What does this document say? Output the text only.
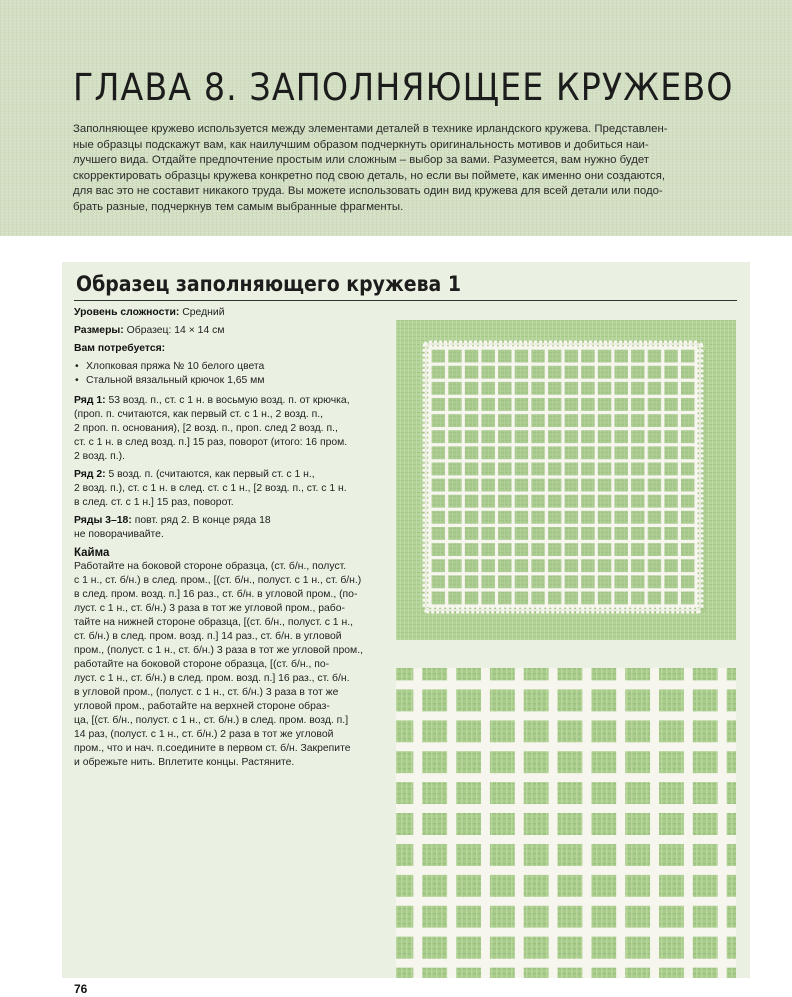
ГЛАВА 8. ЗАПОЛНЯЮЩЕЕ КРУЖЕВО
Заполняющее кружево используется между элементами деталей в технике ирландского кружева. Представлен-
ные образцы подскажут вам, как наилучшим образом подчеркнуть оригинальность мотивов и добиться наи-
лучшего вида. Отдайте предпочтение простым или сложным – выбор за вами. Разумеется, вам нужно будет
скорректировать образцы кружева конкретно под свою деталь, но если вы поймете, как именно они создаются,
для вас это не составит никакого труда. Вы можете использовать один вид кружева для всей детали или подо-
брать разные, подчеркнув тем самым выбранные фрагменты.
Образец заполняющего кружева 1

Уровень сложности: Средний

Размеры: Образец: 14 × 14 см

Вам потребуется:

• Хлопковая пряжа № 10 белого цвета
• Стальной вязальный крючок 1,65 мм
Ряд 1: 53 возд. п., ст. с 1 н. в восьмую возд. п. от крючка,
(проп. п. считаются, как первый ст. с 1 н., 2 возд. п.,
2 проп. п. основания), [2 возд. п., проп. след 2 возд. п.,
ст. с 1 н. в след возд. п.] 15 раз, поворот (итого: 16 пром.
2 возд. п.).
Ряд 2: 5 возд. п. (считаются, как первый ст. с 1 н.,
2 возд. п.), ст. с 1 н. в след. ст. с 1 н., [2 возд. п., ст. с 1 н.
в след. ст. с 1 н.] 15 раз, поворот.
Ряды 3–18: повт. ряд 2. В конце ряда 18
не поворачивайте.
Кайма
Работайте на боковой стороне образца, (ст. б/н., полуст.
с 1 н., ст. б/н.) в след. пром., [(ст. б/н., полуст. с 1 н., ст. б/н.)
в след. пром. возд. п.] 16 раз., ст. б/н. в угловой пром., (по-
луст. с 1 н., ст. б/н.) 3 раза в тот же угловой пром., рабо-
тайте на нижней стороне образца, [(ст. б/н., полуст. с 1 н.,
ст. б/н.) в след. пром. возд. п.] 14 раз., ст. б/н. в угловой
пром., (полуст. с 1 н., ст. б/н.) 3 раза в тот же угловой пром.,
работайте на боковой стороне образца, [(ст. б/н., по-
луст. с 1 н., ст. б/н.) в след. пром. возд. п.] 16 раз., ст. б/н.
в угловой пром., (полуст. с 1 н., ст. б/н.) 3 раза в тот же
угловой пром., работайте на верхней стороне образ-
ца, [(ст. б/н., полуст. с 1 н., ст. б/н.) в след. пром. возд. п.]
14 раз, (полуст. с 1 н., ст. б/н.) 2 раза в тот же угловой
пром., что и нач. п.соедините в первом ст. б/н. Закрепите
и обрежьте нить. Вплетите концы. Растяните.
76
